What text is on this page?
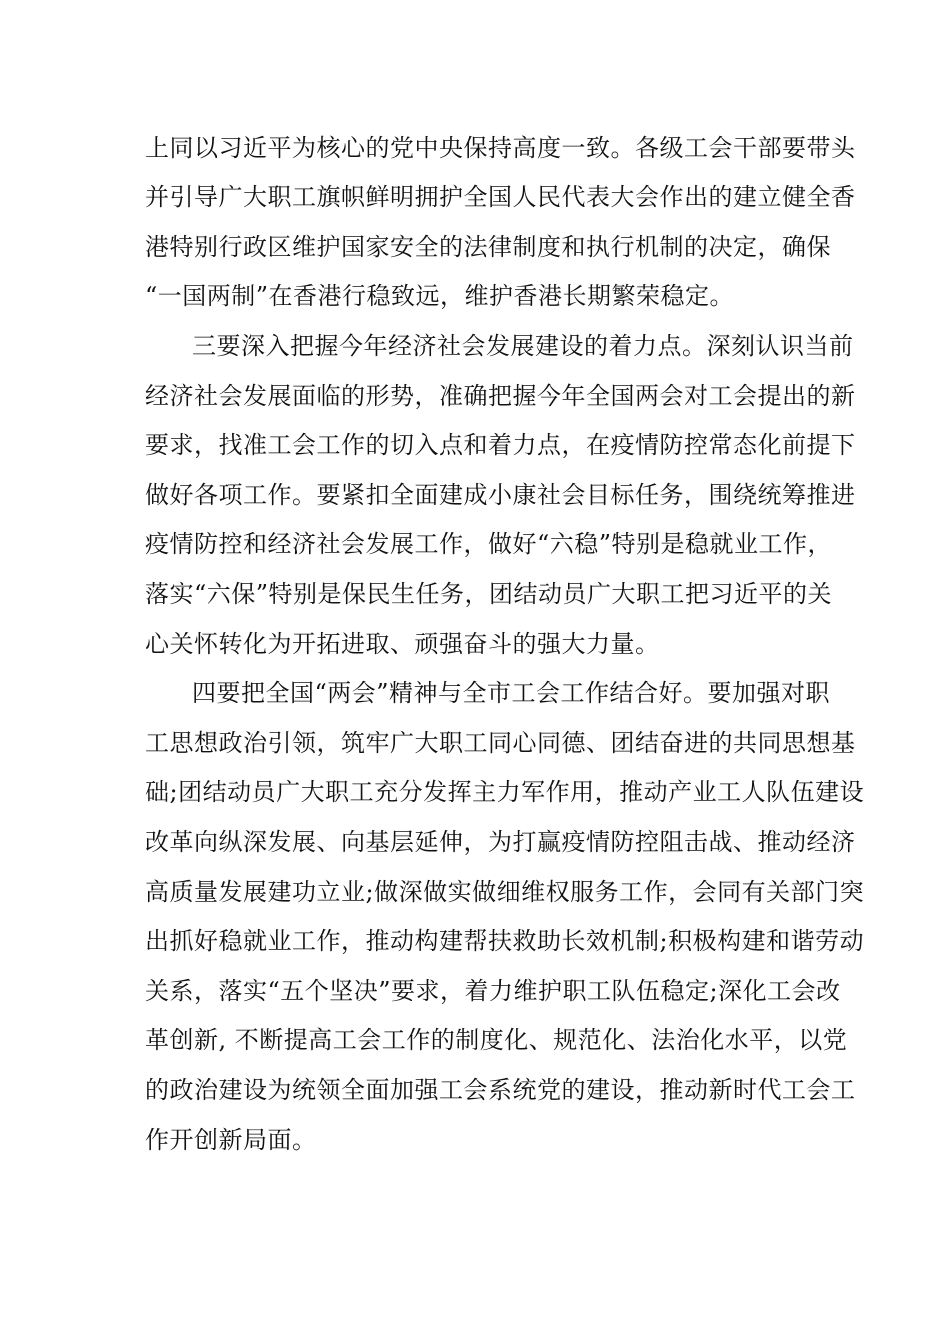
上同以习近平为核心的党中央保持高度一致。各级工会干部要带头
并引导广大职工旗帜鲜明拥护全国人民代表大会作出的建立健全香
港特别行政区维护国家安全的法律制度和执行机制的决定，确保
“一国两制”在香港行稳致远，维护香港长期繁荣稳定。
三要深入把握今年经济社会发展建设的着力点。深刻认识当前
经济社会发展面临的形势，准确把握今年全国两会对工会提出的新
要求，找准工会工作的切入点和着力点，在疫情防控常态化前提下
做好各项工作。要紧扣全面建成小康社会目标任务，围绕统筹推进
疫情防控和经济社会发展工作，做好“六稳”特别是稳就业工作，
落实“六保”特别是保民生任务，团结动员广大职工把习近平的关
心关怀转化为开拓进取、顽强奋斗的强大力量。
四要把全国“两会”精神与全市工会工作结合好。要加强对职
工思想政治引领，筑牢广大职工同心同德、团结奋进的共同思想基
础;团结动员广大职工充分发挥主力军作用，推动产业工人队伍建设
改革向纵深发展、向基层延伸，为打赢疫情防控阻击战、推动经济
高质量发展建功立业;做深做实做细维权服务工作，会同有关部门突
出抓好稳就业工作，推动构建帮扶救助长效机制;积极构建和谐劳动
关系，落实“五个坚决”要求，着力维护职工队伍稳定;深化工会改
革创新, 不断提高工会工作的制度化、规范化、法治化水平，以党
的政治建设为统领全面加强工会系统党的建设，推动新时代工会工
作开创新局面。
